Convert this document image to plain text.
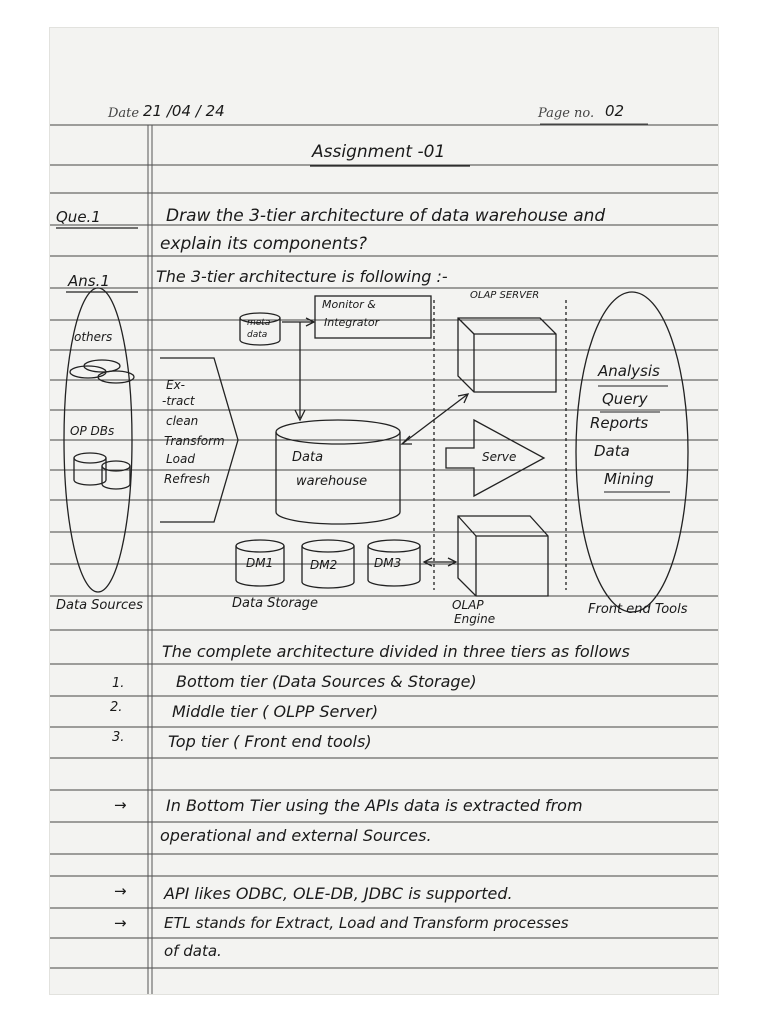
Date 21 /04 / 24	Page no. 02
Assignment -01
Que.1	Draw the 3-tier architecture of data warehouse and
explain its components?
Ans.1	The 3-tier architecture is following :-
others
OP DBs
Ex-
-tract
clean
Transform
Load
Refresh
meta
data
Monitor &
Integrator
Data
warehouse
DM1	DM2	DM3
OLAP SERVER
Serve
Analysis
Query
Reports
Data
Mining
Data Sources	Data Storage	OLAP
Engine
Front end Tools
The complete architecture divided in three tiers as follows
1.	Bottom tier (Data Sources & Storage)
2.	Middle tier ( OLPP Server)
3.	Top tier ( Front end tools)
→ In Bottom Tier using the APIs data is extracted from
operational and external Sources.
→ API likes ODBC, OLE-DB, JDBC is supported.
→ ETL stands for Extract, Load and Transform processes
of data.
